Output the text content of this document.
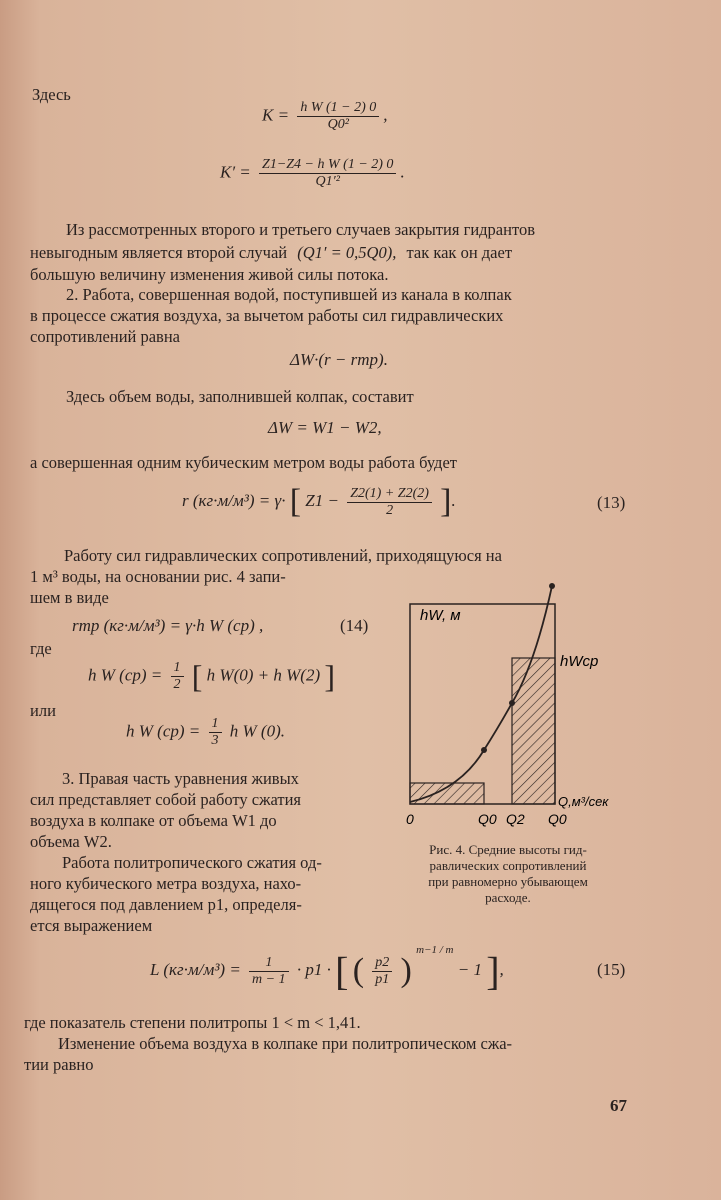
Здесь
$K = \frac{\text{h W (1 − 2) 0}}{\text{Q0²}}$ ,
$K' = \frac{\text{Z1−Z4 − h W (1 − 2) 0}}{\text{Q1′²}}$ .
Из рассмотренных второго и третьего случаев закрытия гидрантов
невыгодным является второй случай (Q1′ = 0,5Q0), так как он дает
большую величину изменения живой силы потока.
2. Работа, совершенная водой, поступившей из канала в колпак
в процессе сжатия воздуха, за вычетом работы сил гидравлических
сопротивлений равна
ΔW·(r − rтр).
Здесь объем воды, заполнившей колпак, составит
ΔW = W1 − W2,
а совершенная одним кубическим метром воды работа будет
r (кг·м/м³) = γ· [ $Z1 - \frac{Z2(1) + Z2(2)}{2}$ ].	(13)
Работу сил гидравлических сопротивлений, приходящуюся на
1 м³ воды, на основании рис. 4 запи-
шем в виде
rтр (кг·м/м³) = γ·h W (ср) ,	(14)
где
h W $(ср) = \frac{1}{2}$ [ h W(0) + h W(2) ]
или
h W $(ср) = \frac{1}{3}$ h W (0).
3. Правая часть уравнения живых
сил представляет собой работу сжатия
воздуха в колпаке от объема W1 до
объема W2.
Работа политропического сжатия од-
ного кубического метра воздуха, нахо-
дящегося под давлением p1, определя-
ется выражением
hW, м
hWcp
Q,м³/сек
0	Q0 Q2 Q0
Рис. 4. Средние высоты гид-
равлических сопротивлений
при равномерно убывающем
расходе.
L $(кг\cdot м/м^3) = \frac{1}{m - 1} \cdot p1$ · [ ( $\frac{p2}{p1}$ ) $^{m-1 / m}$ − 1 ],	(15)
где показатель степени политропы 1 < m < 1,41.
Изменение объема воздуха в колпаке при политропическом сжа-
тии равно
67
